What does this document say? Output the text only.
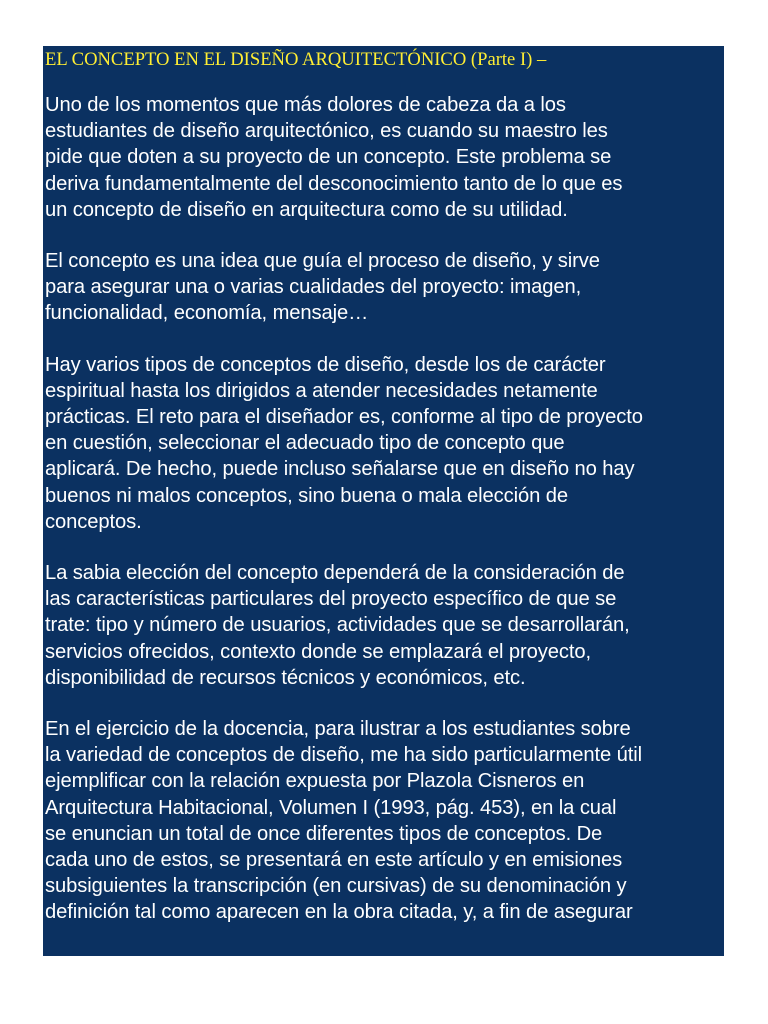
EL CONCEPTO EN EL DISEÑO ARQUITECTÓNICO (Parte I) –

Uno de los momentos que más dolores de cabeza da a los
estudiantes de diseño arquitectónico, es cuando su maestro les
pide que doten a su proyecto de un concepto. Este problema se
deriva fundamentalmente del desconocimiento tanto de lo que es
un concepto de diseño en arquitectura como de su utilidad.

El concepto es una idea que guía el proceso de diseño, y sirve
para asegurar una o varias cualidades del proyecto: imagen,
funcionalidad, economía, mensaje…

Hay varios tipos de conceptos de diseño, desde los de carácter
espiritual hasta los dirigidos a atender necesidades netamente
prácticas. El reto para el diseñador es, conforme al tipo de proyecto
en cuestión, seleccionar el adecuado tipo de concepto que
aplicará. De hecho, puede incluso señalarse que en diseño no hay
buenos ni malos conceptos, sino buena o mala elección de
conceptos.

La sabia elección del concepto dependerá de la consideración de
las características particulares del proyecto específico de que se
trate: tipo y número de usuarios, actividades que se desarrollarán,
servicios ofrecidos, contexto donde se emplazará el proyecto,
disponibilidad de recursos técnicos y económicos, etc.

En el ejercicio de la docencia, para ilustrar a los estudiantes sobre
la variedad de conceptos de diseño, me ha sido particularmente útil
ejemplificar con la relación expuesta por Plazola Cisneros en
Arquitectura Habitacional, Volumen I (1993, pág. 453), en la cual
se enuncian un total de once diferentes tipos de conceptos. De
cada uno de estos, se presentará en este artículo y en emisiones
subsiguientes la transcripción (en cursivas) de su denominación y
definición tal como aparecen en la obra citada, y, a fin de asegurar
